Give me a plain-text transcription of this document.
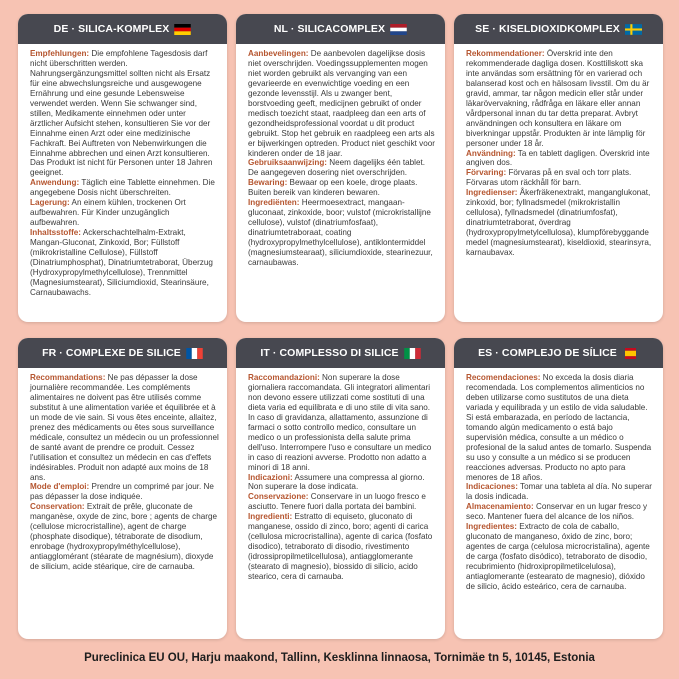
DE · SILICA-KOMPLEX

Empfehlungen: Die empfohlene Tagesdosis darf nicht überschritten werden. Nahrungsergänzungsmittel sollten nicht als Ersatz für eine abwechslungsreiche und ausgewogene Ernährung und eine gesunde Lebensweise verwendet werden. Wenn Sie schwanger sind, stillen, Medikamente einnehmen oder unter ärztlicher Aufsicht stehen, konsultieren Sie vor der Einnahme einen Arzt oder eine medizinische Fachkraft. Bei Auftreten von Nebenwirkungen die Einnahme abbrechen und einen Arzt konsultieren. Das Produkt ist nicht für Personen unter 18 Jahren geeignet.

Anwendung: Täglich eine Tablette einnehmen. Die angegebene Dosis nicht überschreiten.

Lagerung: An einem kühlen, trockenen Ort aufbewahren. Für Kinder unzugänglich aufbewahren.

Inhaltsstoffe: Ackerschachtelhalm-Extrakt, Mangan-Gluconat, Zinkoxid, Bor; Füllstoff (mikrokristalline Cellulose), Füllstoff (Dinatriumphosphat), Dinatriumtetraborat, Überzug (Hydroxypropylmethylcellulose), Trennmittel (Magnesiumstearat), Siliciumdioxid, Stearinsäure, Carnaubawachs.

NL · SILICACOMPLEX

Aanbevelingen: De aanbevolen dagelijkse dosis niet overschrijden. Voedingssupplementen mogen niet worden gebruikt als vervanging van een gevarieerde en evenwichtige voeding en een gezonde levensstijl. Als u zwanger bent, borstvoeding geeft, medicijnen gebruikt of onder medisch toezicht staat, raadpleeg dan een arts of gezondheidsprofessional voordat u dit product gebruikt. Stop het gebruik en raadpleeg een arts als er bijwerkingen optreden. Product niet geschikt voor kinderen onder de 18 jaar.

Gebruiksaanwijzing: Neem dagelijks één tablet. De aangegeven dosering niet overschrijden.

Bewaring: Bewaar op een koele, droge plaats. Buiten bereik van kinderen bewaren.

Ingrediënten: Heermoesextract, mangaan-gluconaat, zinkoxide, boor; vulstof (microkristallijne cellulose), vulstof (dinatriumfosfaat), dinatriumtetraboraat, coating (hydroxypropylmethylcellulose), antiklontermiddel (magnesiumstearaat), siliciumdioxide, stearinezuur, carnaubawas.

SE · KISELDIOXIDKOMPLEX

Rekommendationer: Överskrid inte den rekommenderade dagliga dosen. Kosttillskott ska inte användas som ersättning för en varierad och balanserad kost och en hälsosam livsstil. Om du är gravid, ammar, tar någon medicin eller står under läkarövervakning, rådfråga en läkare eller annan vårdpersonal innan du tar detta preparat. Avbryt användningen och konsultera en läkare om biverkningar uppstår. Produkten är inte lämplig för personer under 18 år.

Användning: Ta en tablett dagligen. Överskrid inte angiven dos.

Förvaring: Förvaras på en sval och torr plats. Förvaras utom räckhåll för barn.

Ingredienser: Åkerfräkenextrakt, manganglukonat, zinkoxid, bor; fyllnadsmedel (mikrokristallin cellulosa), fyllnadsmedel (dinatriumfosfat), dinatriumtetraborat, överdrag (hydroxypropylmetylcellulosa), klumpförebyggande medel (magnesiumstearat), kiseldioxid, stearinsyra, karnaubavax.

FR · COMPLEXE DE SILICE

Recommandations: Ne pas dépasser la dose journalière recommandée. Les compléments alimentaires ne doivent pas être utilisés comme substitut à une alimentation variée et équilibrée et à un mode de vie sain. Si vous êtes enceinte, allaitez, prenez des médicaments ou êtes sous surveillance médicale, consultez un médecin ou un professionnel de santé avant de prendre ce produit. Cessez l'utilisation et consultez un médecin en cas d'effets indésirables. Produit non adapté aux moins de 18 ans.

Mode d'emploi: Prendre un comprimé par jour. Ne pas dépasser la dose indiquée.

Conservation: Extrait de prêle, gluconate de manganèse, oxyde de zinc, bore ; agents de charge (cellulose microcristalline), agent de charge (phosphate disodique), tétraborate de disodium, enrobage (hydroxypropylméthylcellulose), antiagglomérant (stéarate de magnésium), dioxyde de silicium, acide stéarique, cire de carnauba.

IT · COMPLESSO DI SILICE

Raccomandazioni: Non superare la dose giornaliera raccomandata. Gli integratori alimentari non devono essere utilizzati come sostituti di una dieta varia ed equilibrata e di uno stile di vita sano. In caso di gravidanza, allattamento, assunzione di farmaci o sotto controllo medico, consultare un medico o un professionista della salute prima dell'uso. Interrompere l'uso e consultare un medico in caso di reazioni avverse. Prodotto non adatto a minori di 18 anni.

Indicazioni: Assumere una compressa al giorno. Non superare la dose indicata.

Conservazione: Conservare in un luogo fresco e asciutto. Tenere fuori dalla portata dei bambini.

Ingredienti: Estratto di equiseto, gluconato di manganese, ossido di zinco, boro; agenti di carica (cellulosa microcristallina), agente di carica (fosfato disodico), tetraborato di disodio, rivestimento (idrossipropilmetilcellulosa), antiagglomerante (stearato di magnesio), biossido di silicio, acido stearico, cera di carnauba.

ES · COMPLEJO DE SÍLICE

Recomendaciones: No exceda la dosis diaria recomendada. Los complementos alimenticios no deben utilizarse como sustitutos de una dieta variada y equilibrada y un estilo de vida saludable. Si está embarazada, en período de lactancia, tomando algún medicamento o está bajo supervisión médica, consulte a un médico o profesional de la salud antes de tomarlo. Suspenda su uso y consulte a un médico si se producen reacciones adversas. Producto no apto para menores de 18 años.

Indicaciones: Tomar una tableta al día. No superar la dosis indicada.

Almacenamiento: Conservar en un lugar fresco y seco. Mantener fuera del alcance de los niños.

Ingredientes: Extracto de cola de caballo, gluconato de manganeso, óxido de zinc, boro; agentes de carga (celulosa microcristalina), agente de carga (fosfato disódico), tetraborato de disodio, recubrimiento (hidroxipropilmetilcelulosa), antiaglomerante (estearato de magnesio), dióxido de silicio, ácido esteárico, cera de carnauba.

Pureclinica EU OU, Harju maakond, Tallinn, Kesklinna linnaosa, Tornimäe tn 5, 10145, Estonia
